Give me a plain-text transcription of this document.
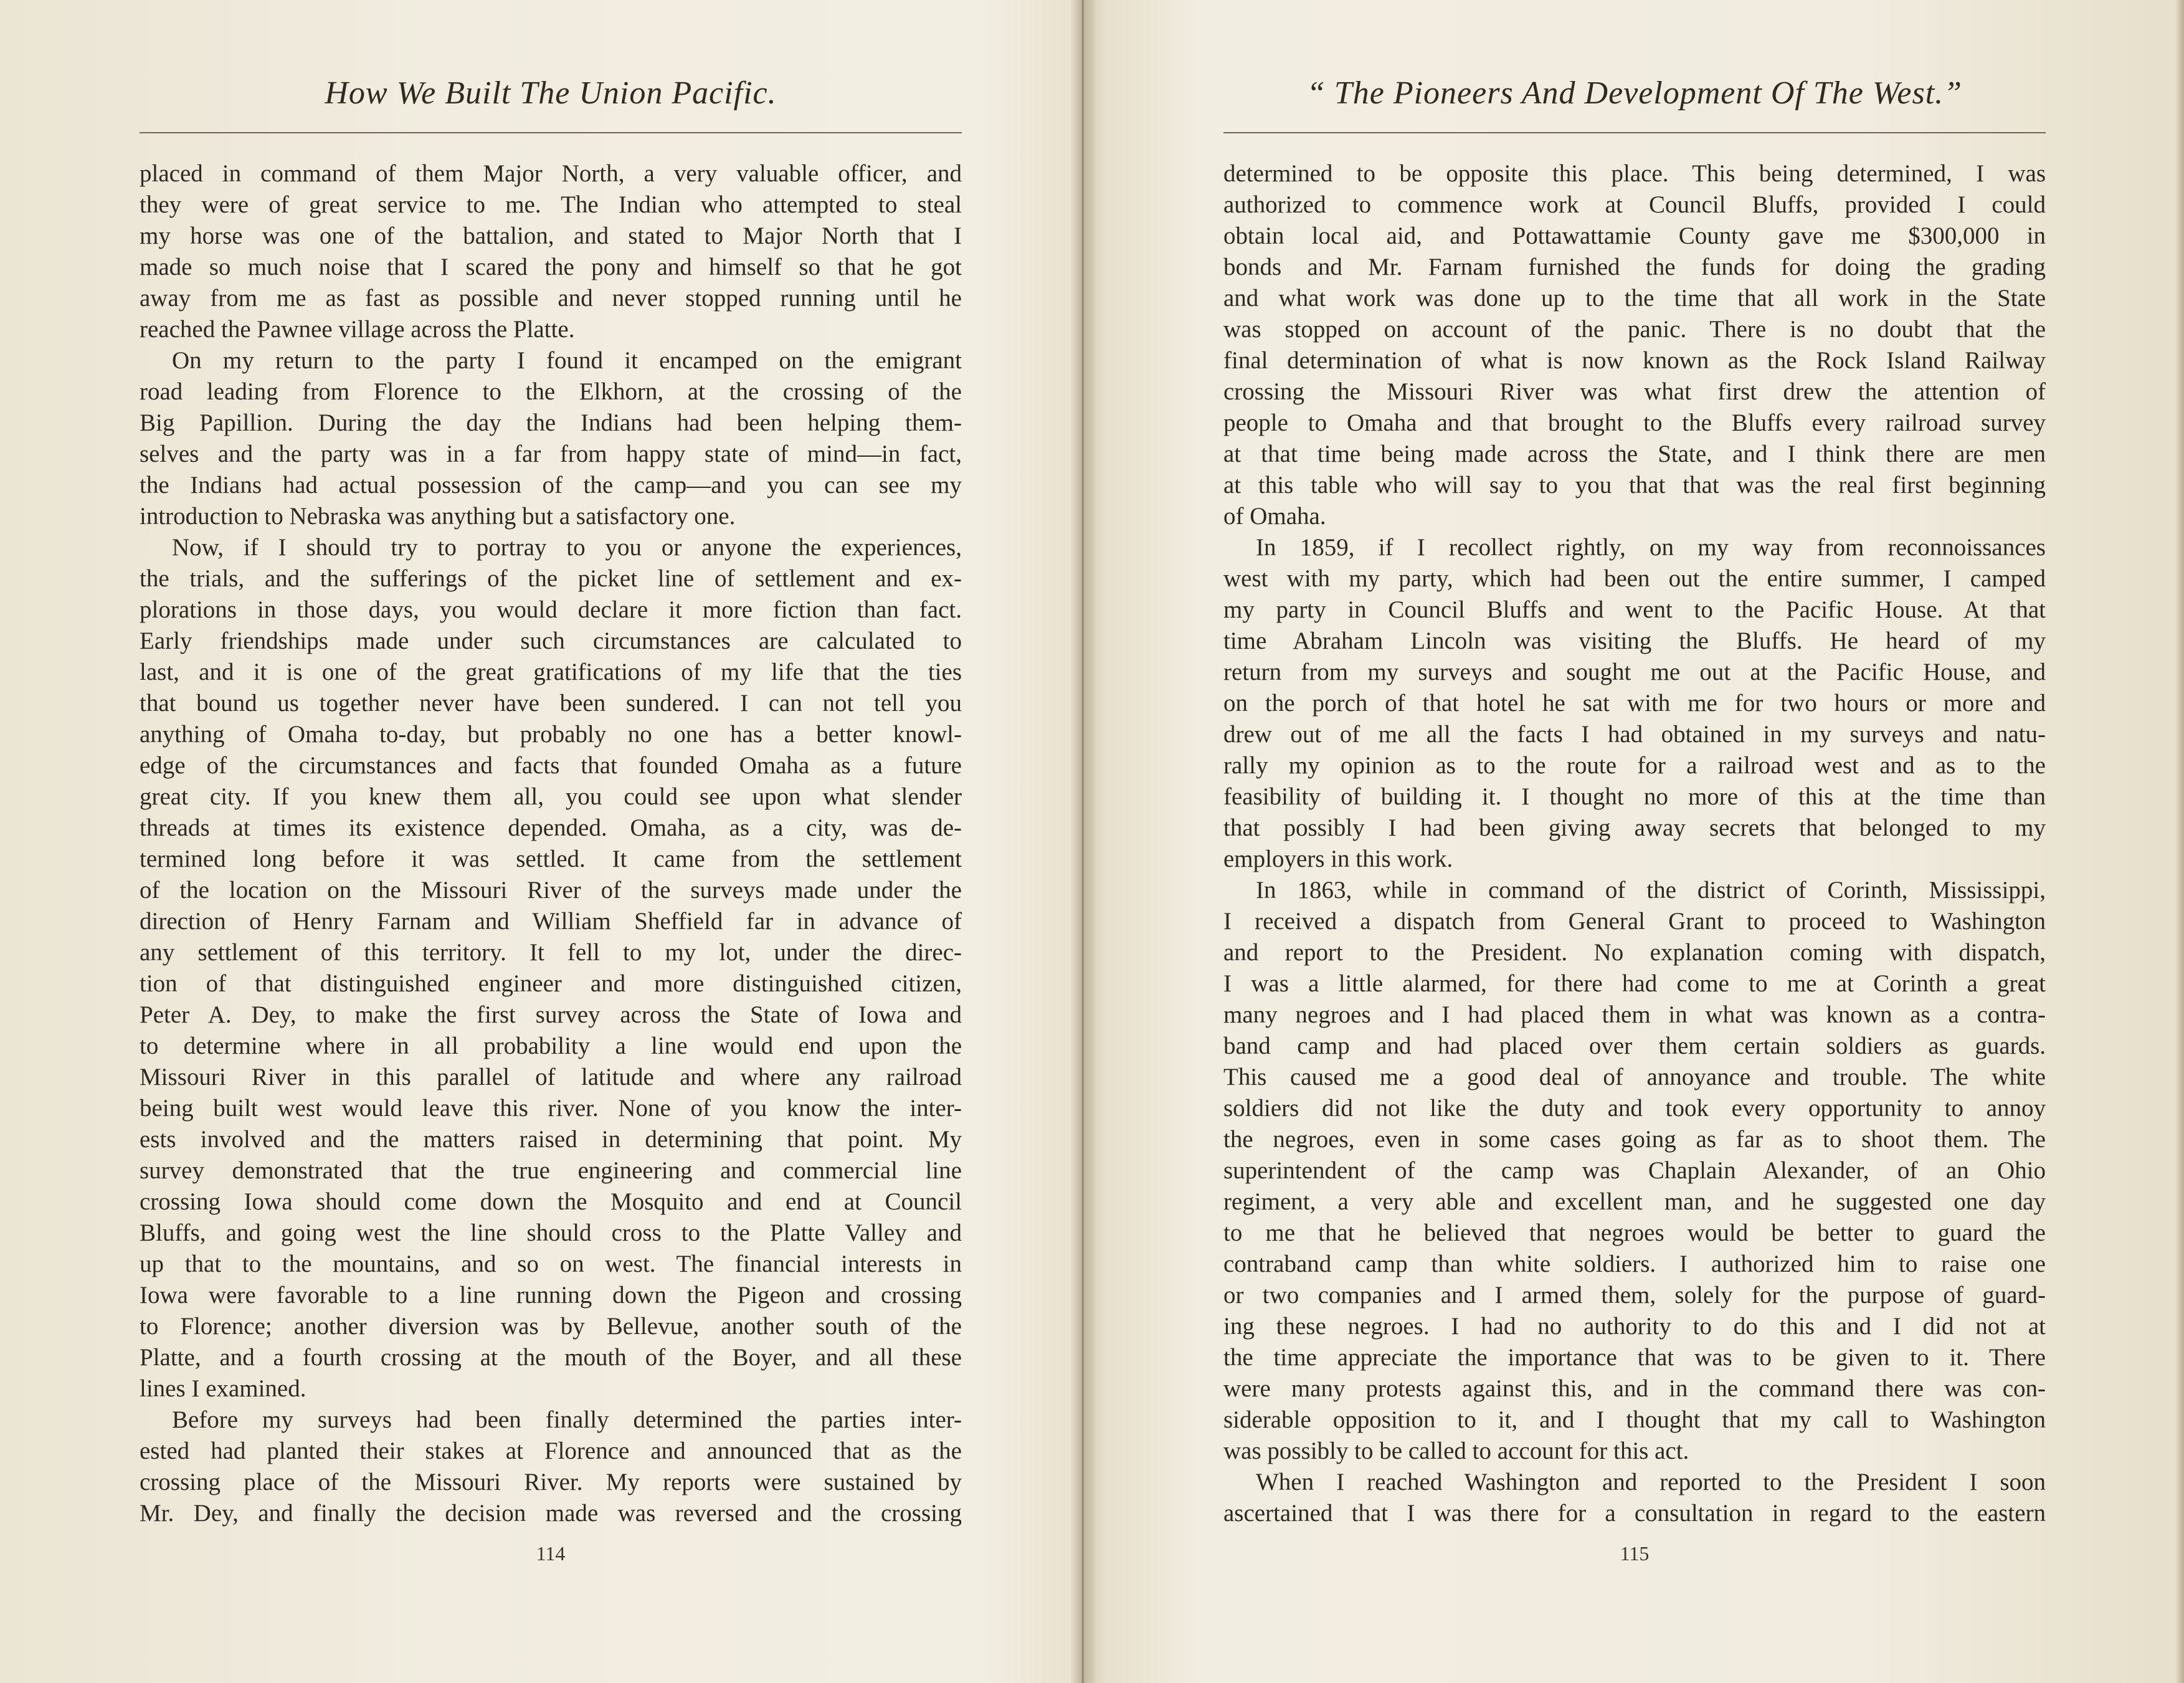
How We Built The Union Pacific.
placed in command of them Major North, a very valuable officer, and
they were of great service to me. The Indian who attempted to steal
my horse was one of the battalion, and stated to Major North that I
made so much noise that I scared the pony and himself so that he got
away from me as fast as possible and never stopped running until he
reached the Pawnee village across the Platte.
On my return to the party I found it encamped on the emigrant
road leading from Florence to the Elkhorn, at the crossing of the
Big Papillion. During the day the Indians had been helping them-
selves and the party was in a far from happy state of mind—in fact,
the Indians had actual possession of the camp—and you can see my
introduction to Nebraska was anything but a satisfactory one.
Now, if I should try to portray to you or anyone the experiences,
the trials, and the sufferings of the picket line of settlement and ex-
plorations in those days, you would declare it more fiction than fact.
Early friendships made under such circumstances are calculated to
last, and it is one of the great gratifications of my life that the ties
that bound us together never have been sundered. I can not tell you
anything of Omaha to-day, but probably no one has a better knowl-
edge of the circumstances and facts that founded Omaha as a future
great city. If you knew them all, you could see upon what slender
threads at times its existence depended. Omaha, as a city, was de-
termined long before it was settled. It came from the settlement
of the location on the Missouri River of the surveys made under the
direction of Henry Farnam and William Sheffield far in advance of
any settlement of this territory. It fell to my lot, under the direc-
tion of that distinguished engineer and more distinguished citizen,
Peter A. Dey, to make the first survey across the State of Iowa and
to determine where in all probability a line would end upon the
Missouri River in this parallel of latitude and where any railroad
being built west would leave this river. None of you know the inter-
ests involved and the matters raised in determining that point. My
survey demonstrated that the true engineering and commercial line
crossing Iowa should come down the Mosquito and end at Council
Bluffs, and going west the line should cross to the Platte Valley and
up that to the mountains, and so on west. The financial interests in
Iowa were favorable to a line running down the Pigeon and crossing
to Florence; another diversion was by Bellevue, another south of the
Platte, and a fourth crossing at the mouth of the Boyer, and all these
lines I examined.
Before my surveys had been finally determined the parties inter-
ested had planted their stakes at Florence and announced that as the
crossing place of the Missouri River. My reports were sustained by
Mr. Dey, and finally the decision made was reversed and the crossing
114
“ The Pioneers And Development Of The West.”
determined to be opposite this place. This being determined, I was
authorized to commence work at Council Bluffs, provided I could
obtain local aid, and Pottawattamie County gave me $300,000 in
bonds and Mr. Farnam furnished the funds for doing the grading
and what work was done up to the time that all work in the State
was stopped on account of the panic. There is no doubt that the
final determination of what is now known as the Rock Island Railway
crossing the Missouri River was what first drew the attention of
people to Omaha and that brought to the Bluffs every railroad survey
at that time being made across the State, and I think there are men
at this table who will say to you that that was the real first beginning
of Omaha.
In 1859, if I recollect rightly, on my way from reconnoissances
west with my party, which had been out the entire summer, I camped
my party in Council Bluffs and went to the Pacific House. At that
time Abraham Lincoln was visiting the Bluffs. He heard of my
return from my surveys and sought me out at the Pacific House, and
on the porch of that hotel he sat with me for two hours or more and
drew out of me all the facts I had obtained in my surveys and natu-
rally my opinion as to the route for a railroad west and as to the
feasibility of building it. I thought no more of this at the time than
that possibly I had been giving away secrets that belonged to my
employers in this work.
In 1863, while in command of the district of Corinth, Mississippi,
I received a dispatch from General Grant to proceed to Washington
and report to the President. No explanation coming with dispatch,
I was a little alarmed, for there had come to me at Corinth a great
many negroes and I had placed them in what was known as a contra-
band camp and had placed over them certain soldiers as guards.
This caused me a good deal of annoyance and trouble. The white
soldiers did not like the duty and took every opportunity to annoy
the negroes, even in some cases going as far as to shoot them. The
superintendent of the camp was Chaplain Alexander, of an Ohio
regiment, a very able and excellent man, and he suggested one day
to me that he believed that negroes would be better to guard the
contraband camp than white soldiers. I authorized him to raise one
or two companies and I armed them, solely for the purpose of guard-
ing these negroes. I had no authority to do this and I did not at
the time appreciate the importance that was to be given to it. There
were many protests against this, and in the command there was con-
siderable opposition to it, and I thought that my call to Washington
was possibly to be called to account for this act.
When I reached Washington and reported to the President I soon
ascertained that I was there for a consultation in regard to the eastern
115
